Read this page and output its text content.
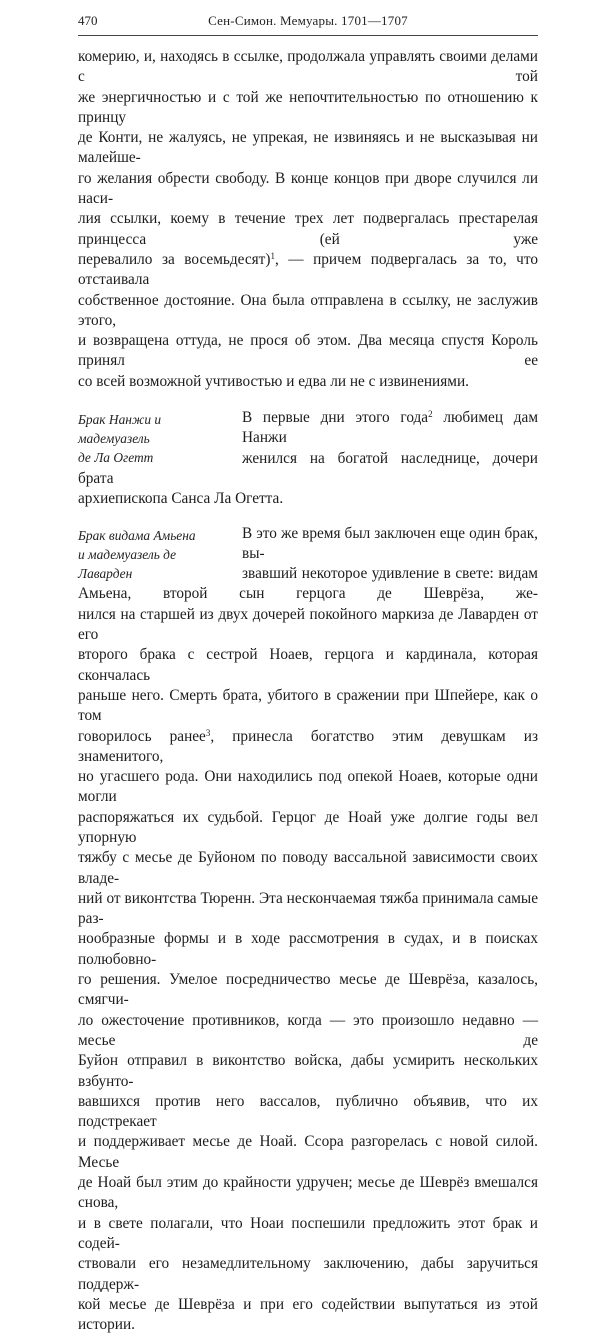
470	Сен-Симон. Мемуары. 1701—1707
комерию, и, находясь в ссылке, продолжала управлять своими делами с той
же энергичностью и с той же непочтительностью по отношению к принцу
де Конти, не жалуясь, не упрекая, не извиняясь и не высказывая ни малейше-
го желания обрести свободу. В конце концов при дворе случился ли наси-
лия ссылки, коему в течение трех лет подвергалась престарелая принцесса (ей уже
перевалило за восемьдесят)$^1$, — причем подвергалась за то, что отстаивала
собственное достояние. Она была отправлена в ссылку, не заслужив этого,
и возвращена оттуда, не прося об этом. Два месяца спустя Король принял ее
со всей возможной учтивостью и едва ли не с извинениями.
Брак Нанжи и мадемуазель
де Ла Огетт
В первые дни этого года$^2$ любимец дам Нанжи
женился на богатой наследнице, дочери брата
архиепископа Санса Ла Огетта.
Брак видама Амьена
и мадемуазель де Лаварден
В это же время был заключен еще один брак, вы-
звавший некоторое удивление в свете: видам
Амьена, второй сын герцога де Шеврёза, же-
нился на старшей из двух дочерей покойного маркиза де Лаварден от его
второго брака с сестрой Ноаев, герцога и кардинала, которая скончалась
раньше него. Смерть брата, убитого в сражении при Шпейере, как о том
говорилось ранее$^3$, принесла богатство этим девушкам из знаменитого,
но угасшего рода. Они находились под опекой Ноаев, которые одни могли
распоряжаться их судьбой. Герцог де Ноай уже долгие годы вел упорную
тяжбу с месье де Буйоном по поводу вассальной зависимости своих владе-
ний от виконтства Тюренн. Эта нескончаемая тяжба принимала самые раз-
нообразные формы и в ходе рассмотрения в судах, и в поисках полюбовно-
го решения. Умелое посредничество месье де Шеврёза, казалось, смягчи-
ло ожесточение противников, когда — это произошло недавно — месье де
Буйон отправил в виконтство войска, дабы усмирить нескольких взбунто-
вавшихся против него вассалов, публично объявив, что их подстрекает
и поддерживает месье де Ноай. Ссора разгорелась с новой силой. Месье
де Ноай был этим до крайности удручен; месье де Шеврёз вмешался снова,
и в свете полагали, что Ноаи поспешили предложить этот брак и содей-
ствовали его незамедлительному заключению, дабы заручиться поддерж-
кой месье де Шеврёза и при его содействии выпутаться из этой истории.
